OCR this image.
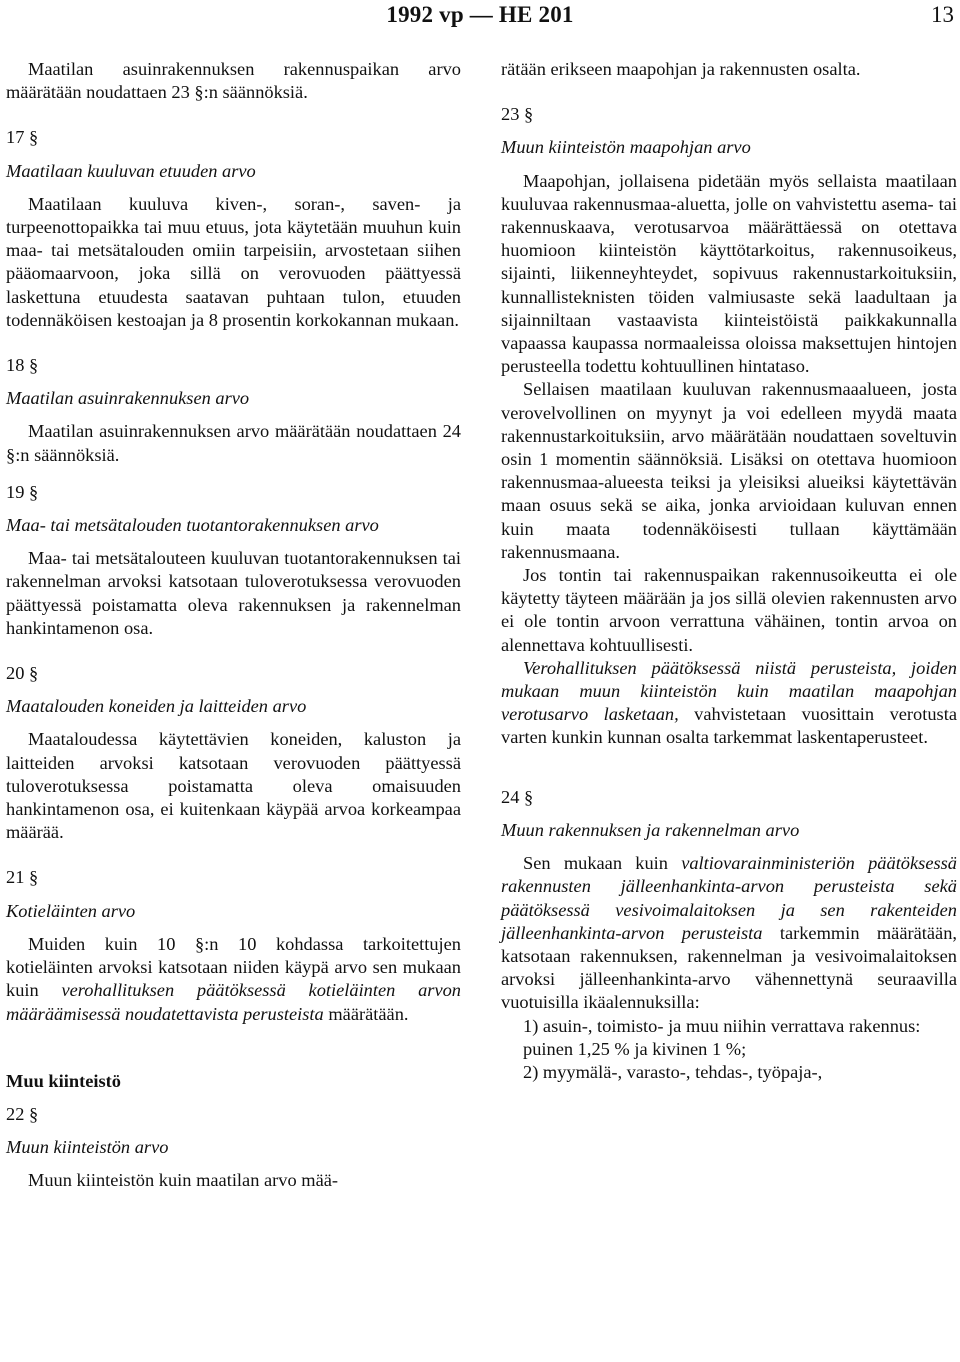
1992 vp — HE 201	13

Maatilan asuinrakennuksen rakennuspaikan arvo määrätään noudattaen 23 §:n säännöksiä.

17 §

Maatilaan kuuluvan etuuden arvo

Maatilaan kuuluva kiven-, soran-, saven- ja turpeenottopaikka tai muu etuus, jota käytetään muuhun kuin maa- tai metsätalouden omiin tarpeisiin, arvostetaan siihen pääomaarvoon, joka sillä on verovuoden päättyessä laskettuna etuudesta saatavan puhtaan tulon, etuuden todennäköisen kestoajan ja 8 prosentin korkokannan mukaan.

18 §

Maatilan asuinrakennuksen arvo

Maatilan asuinrakennuksen arvo määrätään noudattaen 24 §:n säännöksiä.

19 §

Maa- tai metsätalouden tuotantorakennuksen arvo

Maa- tai metsätalouteen kuuluvan tuotantorakennuksen tai rakennelman arvoksi katsotaan tuloverotuksessa verovuoden päättyessä poistamatta oleva rakennuksen ja rakennelman hankintamenon osa.

20 §

Maatalouden koneiden ja laitteiden arvo

Maataloudessa käytettävien koneiden, kaluston ja laitteiden arvoksi katsotaan verovuoden päättyessä tuloverotuksessa poistamatta oleva omaisuuden hankintamenon osa, ei kuitenkaan käypää arvoa korkeampaa määrää.

21 §

Kotieläinten arvo

Muiden kuin 10 §:n 10 kohdassa tarkoitettujen kotieläinten arvoksi katsotaan niiden käypä arvo sen mukaan kuin verohallituksen päätöksessä kotieläinten arvon määräämisessä noudatettavista perusteista määrätään.

Muu kiinteistö

22 §

Muun kiinteistön arvo

Muun kiinteistön kuin maatilan arvo mää-

rätään erikseen maapohjan ja rakennusten osalta.

23 §

Muun kiinteistön maapohjan arvo

Maapohjan, jollaisena pidetään myös sellaista maatilaan kuuluvaa rakennusmaa-aluetta, jolle on vahvistettu asema- tai rakennuskaava, verotusarvoa määrättäessä on otettava huomioon kiinteistön käyttötarkoitus, rakennusoikeus, sijainti, liikenneyhteydet, sopivuus rakennustarkoituksiin, kunnallisteknisten töiden valmiusaste sekä laadultaan ja sijainniltaan vastaavista kiinteistöistä paikkakunnalla vapaassa kaupassa normaaleissa oloissa maksettujen hintojen perusteella todettu kohtuullinen hintataso.

Sellaisen maatilaan kuuluvan rakennusmaaalueen, josta verovelvollinen on myynyt ja voi edelleen myydä maata rakennustarkoituksiin, arvo määrätään noudattaen soveltuvin osin 1 momentin säännöksiä. Lisäksi on otettava huomioon rakennusmaa-alueesta teiksi ja yleisiksi alueiksi käytettävän maan osuus sekä se aika, jonka arvioidaan kuluvan ennen kuin maata todennäköisesti tullaan käyttämään rakennusmaana.

Jos tontin tai rakennuspaikan rakennusoikeutta ei ole käytetty täyteen määrään ja jos sillä olevien rakennusten arvo ei ole tontin arvoon verrattuna vähäinen, tontin arvoa on alennettava kohtuullisesti.

Verohallituksen päätöksessä niistä perusteista, joiden mukaan muun kiinteistön kuin maatilan maapohjan verotusarvo lasketaan, vahvistetaan vuosittain verotusta varten kunkin kunnan osalta tarkemmat laskentaperusteet.

24 §

Muun rakennuksen ja rakennelman arvo

Sen mukaan kuin valtiovarainministeriön päätöksessä rakennusten jälleenhankinta-arvon perusteista sekä päätöksessä vesivoimalaitoksen ja sen rakenteiden jälleenhankinta-arvon perusteista tarkemmin määrätään, katsotaan rakennuksen, rakennelman ja vesivoimalaitoksen arvoksi jälleenhankinta-arvo vähennettynä seuraavilla vuotuisilla ikäalennuksilla:

1) asuin-, toimisto- ja muu niihin verrattava rakennus:

puinen 1,25 % ja kivinen 1 %;

2) myymälä-, varasto-, tehdas-, työpaja-,
